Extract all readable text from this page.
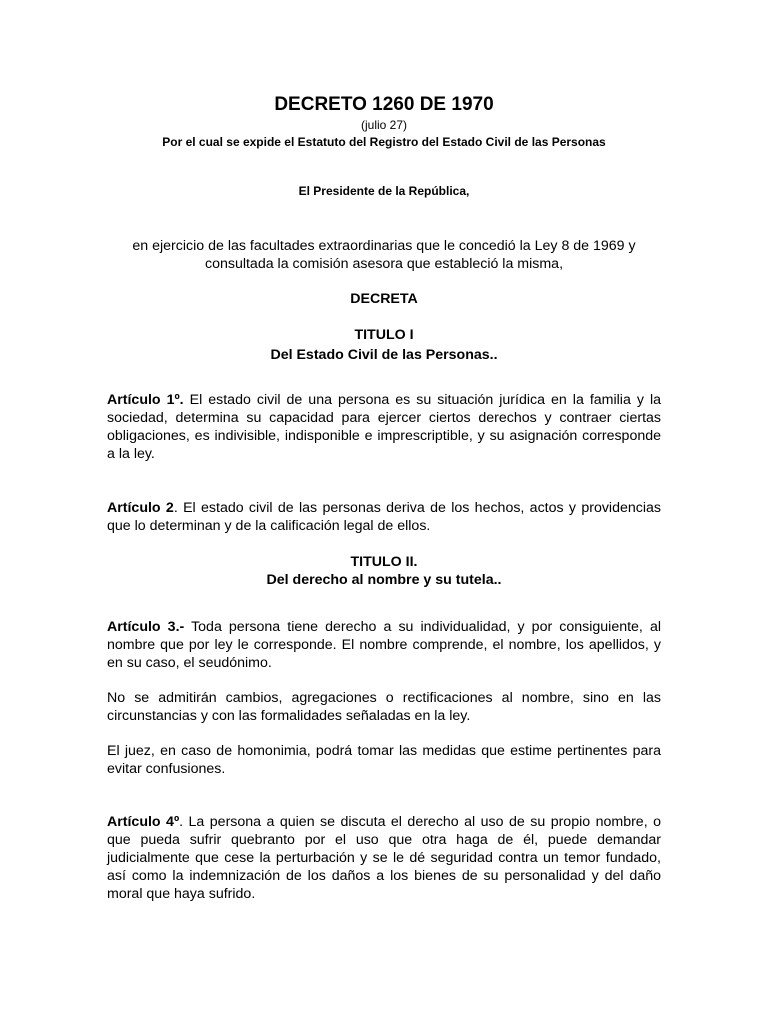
DECRETO 1260 DE 1970

(julio 27)

Por el cual se expide el Estatuto del Registro del Estado Civil de las Personas

El Presidente de la República,

en ejercicio de las facultades extraordinarias que le concedió la Ley 8 de 1969 y

consultada la comisión asesora que estableció la misma,

DECRETA

TITULO I

Del Estado Civil de las Personas..

Artículo 1º. El estado civil de una persona es su situación jurídica en la familia y la sociedad, determina su capacidad para ejercer ciertos derechos y contraer ciertas obligaciones, es indivisible, indisponible e imprescriptible, y su asignación corresponde a la ley.

Artículo 2. El estado civil de las personas deriva de los hechos, actos y providencias que lo determinan y de la calificación legal de ellos.

TITULO II.

Del derecho al nombre y su tutela..

Artículo 3.- Toda persona tiene derecho a su individualidad, y por consiguiente, al nombre que por ley le corresponde. El nombre comprende, el nombre, los apellidos, y en su caso, el seudónimo.

No se admitirán cambios, agregaciones o rectificaciones al nombre, sino en las circunstancias y con las formalidades señaladas en la ley.

El juez, en caso de homonimia, podrá tomar las medidas que estime pertinentes para evitar confusiones.

Artículo 4º. La persona a quien se discuta el derecho al uso de su propio nombre, o que pueda sufrir quebranto por el uso que otra haga de él, puede demandar judicialmente que cese la perturbación y se le dé seguridad contra un temor fundado, así como la indemnización de los daños a los bienes de su personalidad y del daño moral que haya sufrido.
